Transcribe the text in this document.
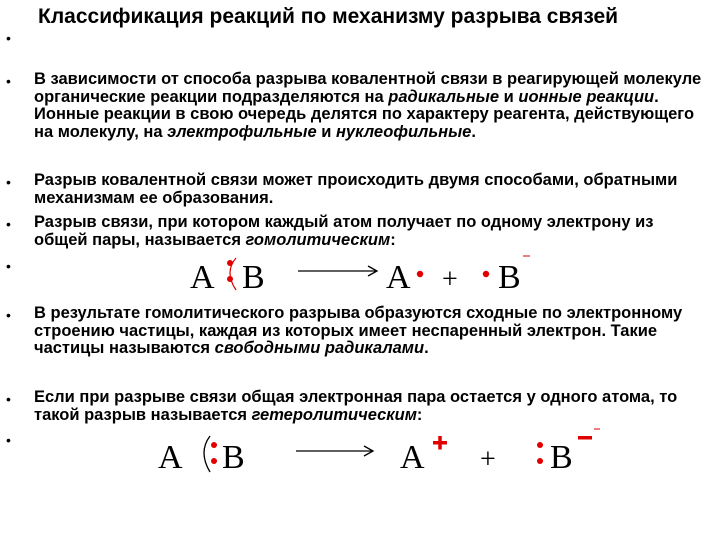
•
Классификация реакций по механизму разрыва связей
• В зависимости от способа разрыва ковалентной связи в реагирующей молекуле органические реакции подразделяются на радикальные и ионные реакции. Ионные реакции в свою очередь делятся по характеру реагента, действующего на молекулу, на электрофильные и нуклеофильные.
• Разрыв ковалентной связи может происходить двумя способами, обратными механизмам ее образования.
• Разрыв связи, при котором каждый атом получает по одному электрону из общей пары, называется гомолитическим:
•	A B	A + B
• В результате гомолитического разрыва образуются сходные по электронному строению частицы, каждая из которых имеет неспаренный электрон. Такие частицы называются свободными радикалами.
• Если при разрыве связи общая электронная пара остается у одного атома, то такой разрыв называется гетеролитическим:
•	A B	A + B
